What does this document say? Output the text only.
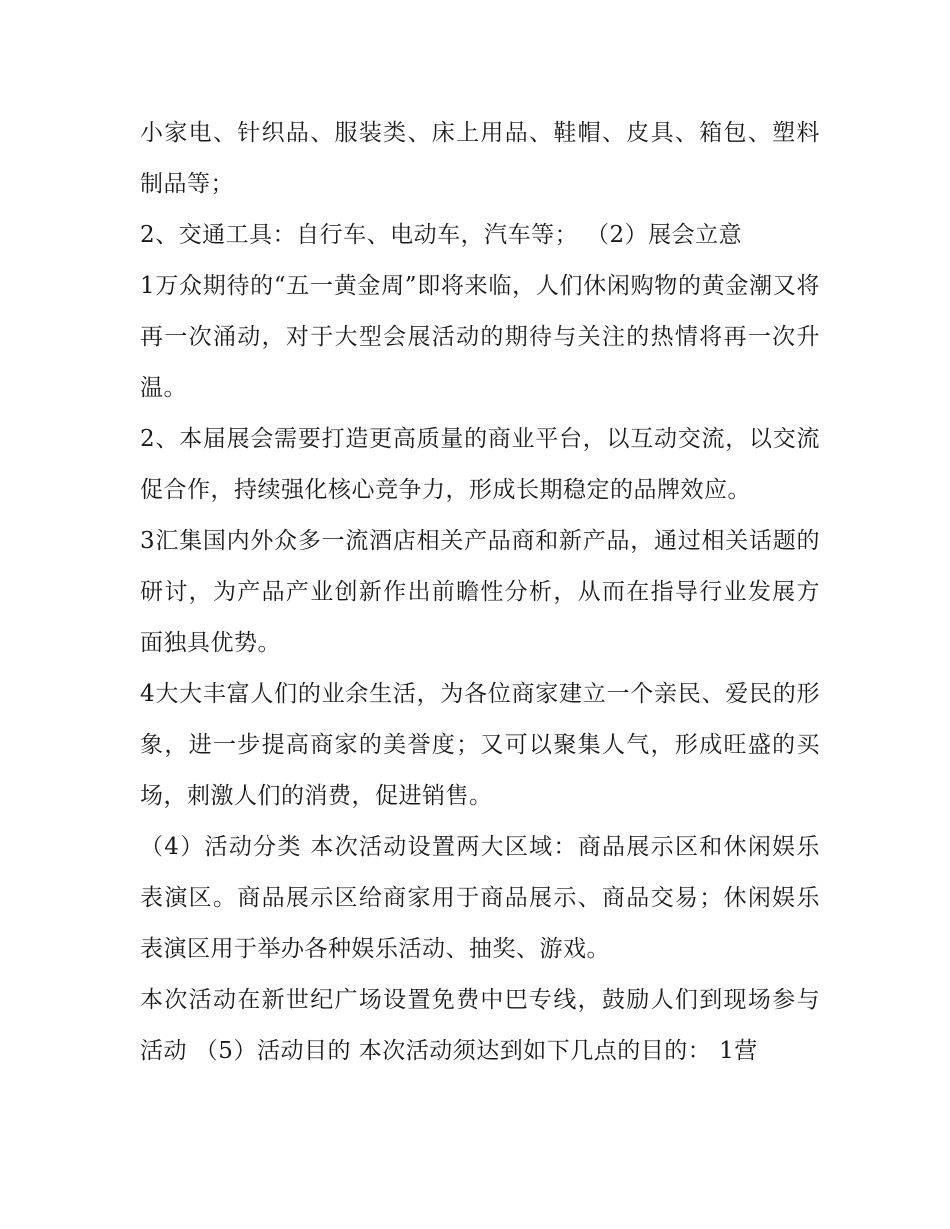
小家电、针织品、服装类、床上用品、鞋帽、皮具、箱包、塑料制品等；

2、交通工具：自行车、电动车，汽车等； （2）展会立意

1万众期待的“五一黄金周”即将来临，人们休闲购物的黄金潮又将再一次涌动，对于大型会展活动的期待与关注的热情将再一次升温。

2、本届展会需要打造更高质量的商业平台，以互动交流，以交流促合作，持续强化核心竞争力，形成长期稳定的品牌效应。

3汇集国内外众多一流酒店相关产品商和新产品，通过相关话题的研讨，为产品产业创新作出前瞻性分析，从而在指导行业发展方面独具优势。

4大大丰富人们的业余生活，为各位商家建立一个亲民、爱民的形象，进一步提高商家的美誉度；又可以聚集人气，形成旺盛的买场，刺激人们的消费，促进销售。

（4）活动分类 本次活动设置两大区域：商品展示区和休闲娱乐表演区。商品展示区给商家用于商品展示、商品交易；休闲娱乐表演区用于举办各种娱乐活动、抽奖、游戏。

本次活动在新世纪广场设置免费中巴专线，鼓励人们到现场参与活动 （5）活动目的 本次活动须达到如下几点的目的： 1营
